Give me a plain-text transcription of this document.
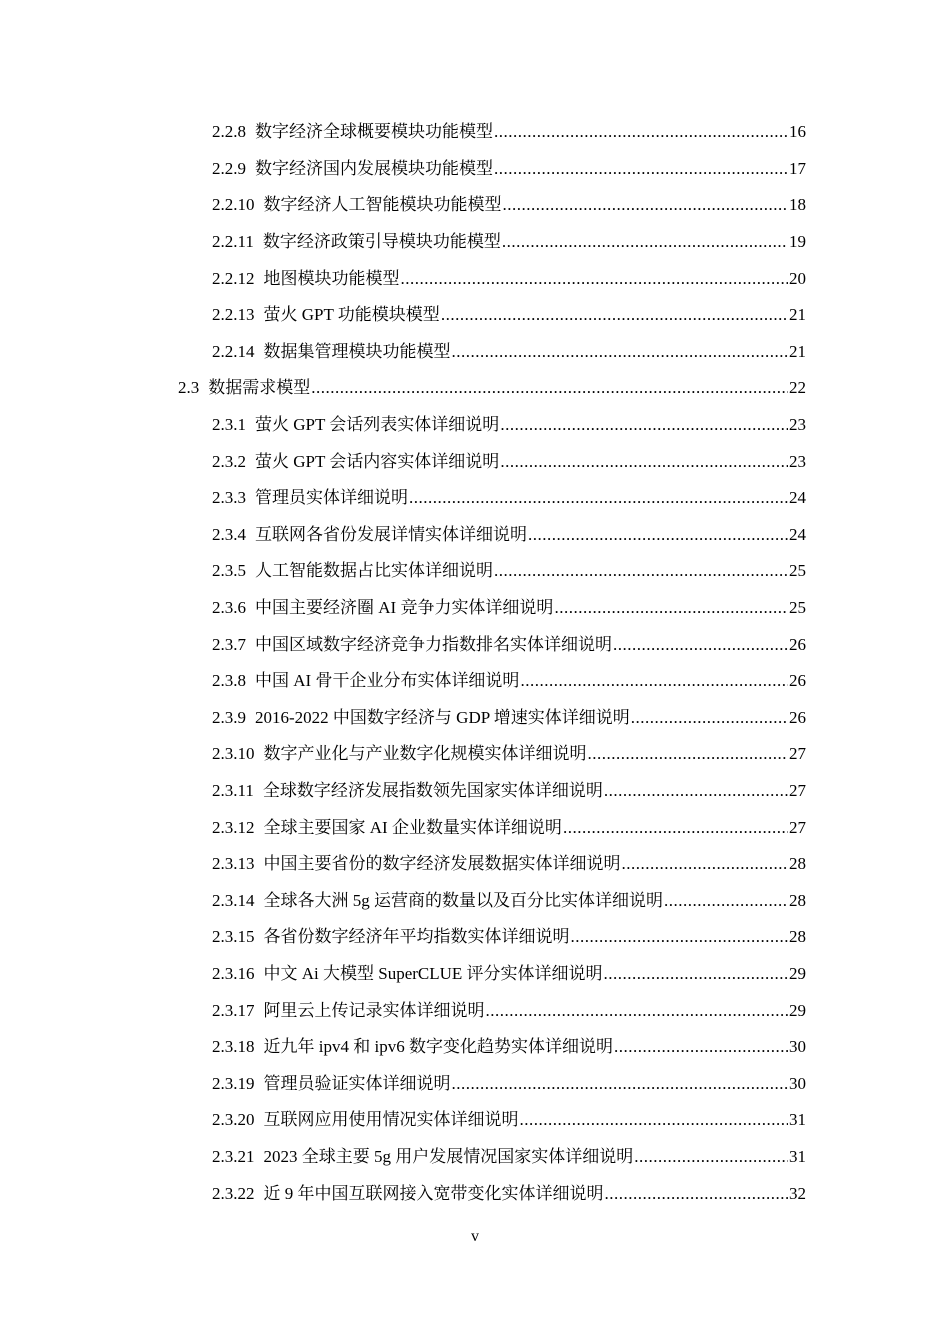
2.2.8 数字经济全球概要模块功能模型 .....	16
2.2.9 数字经济国内发展模块功能模型 .....	17
2.2.10 数字经济人工智能模块功能模型 .....	18
2.2.11 数字经济政策引导模块功能模型 .....	19
2.2.12 地图模块功能模型 .....	20
2.2.13 萤火 GPT 功能模块模型 .....	21
2.2.14 数据集管理模块功能模型 .....	21
2.3 数据需求模型 .....	22
2.3.1 萤火 GPT 会话列表实体详细说明 .....	23
2.3.2 萤火 GPT 会话内容实体详细说明 .....	23
2.3.3 管理员实体详细说明 .....	24
2.3.4 互联网各省份发展详情实体详细说明 .....	24
2.3.5 人工智能数据占比实体详细说明 .....	25
2.3.6 中国主要经济圈 AI 竞争力实体详细说明 .....	25
2.3.7 中国区域数字经济竞争力指数排名实体详细说明 .....	26
2.3.8 中国 AI 骨干企业分布实体详细说明 .....	26
2.3.9 2016-2022 中国数字经济与 GDP 增速实体详细说明 .....	26
2.3.10 数字产业化与产业数字化规模实体详细说明 .....	27
2.3.11 全球数字经济发展指数领先国家实体详细说明 .....	27
2.3.12 全球主要国家 AI 企业数量实体详细说明 .....	27
2.3.13 中国主要省份的数字经济发展数据实体详细说明 .....	28
2.3.14 全球各大洲 5g 运营商的数量以及百分比实体详细说明 .....	28
2.3.15 各省份数字经济年平均指数实体详细说明 .....	28
2.3.16 中文 Ai 大模型 SuperCLUE 评分实体详细说明 .....	29
2.3.17 阿里云上传记录实体详细说明 .....	29
2.3.18 近九年 ipv4 和 ipv6 数字变化趋势实体详细说明 .....	30
2.3.19 管理员验证实体详细说明 .....	30
2.3.20 互联网应用使用情况实体详细说明 .....	31
2.3.21 2023 全球主要 5g 用户发展情况国家实体详细说明 .....	31
2.3.22 近 9 年中国互联网接入宽带变化实体详细说明 .....	32
v
